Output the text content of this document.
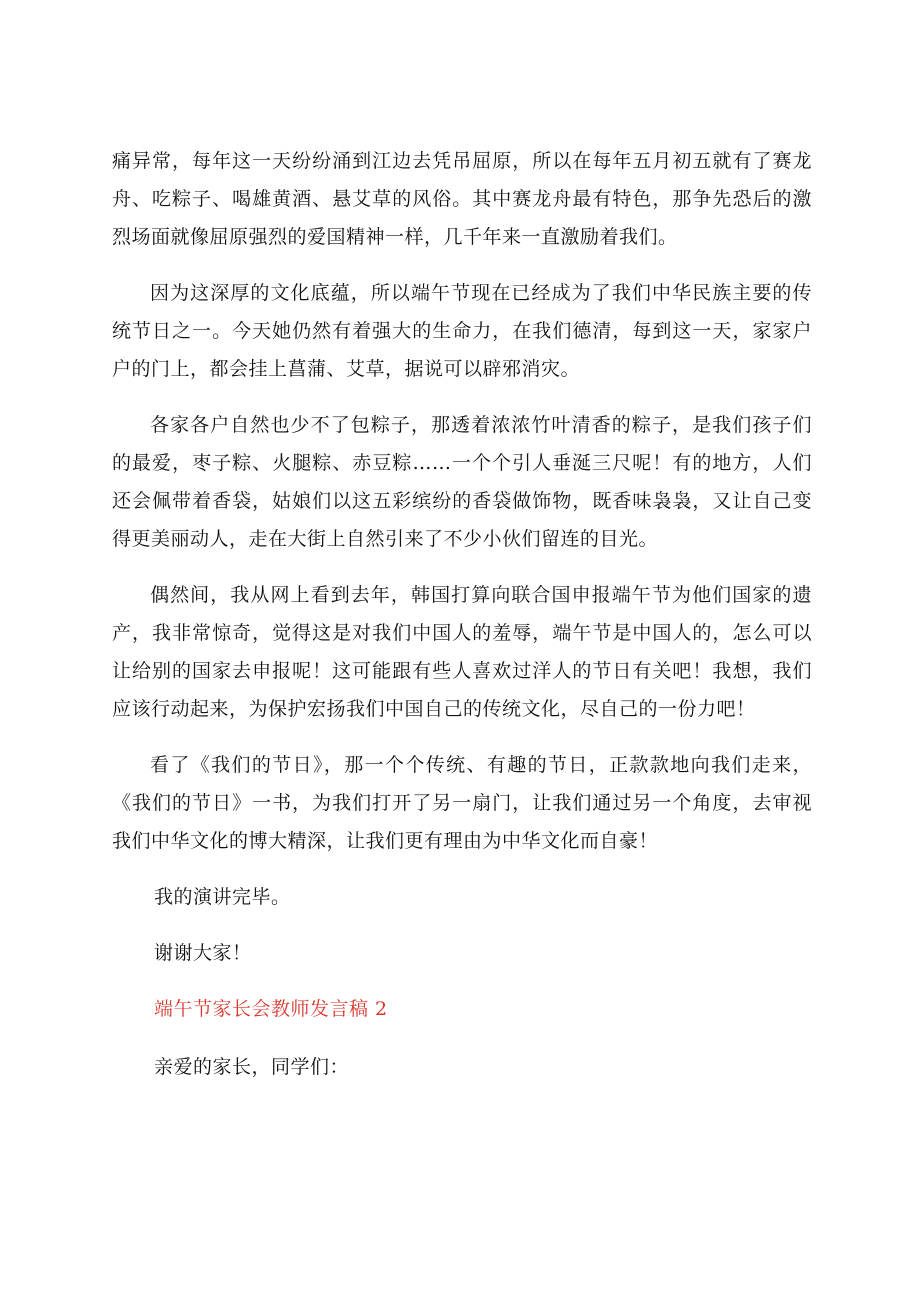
痛异常，每年这一天纷纷涌到江边去凭吊屈原，所以在每年五月初五就有了赛龙舟、吃粽子、喝雄黄酒、悬艾草的风俗。其中赛龙舟最有特色，那争先恐后的激烈场面就像屈原强烈的爱国精神一样，几千年来一直激励着我们。

因为这深厚的文化底蕴，所以端午节现在已经成为了我们中华民族主要的传统节日之一。今天她仍然有着强大的生命力，在我们德清，每到这一天，家家户户的门上，都会挂上菖蒲、艾草，据说可以辟邪消灾。

各家各户自然也少不了包粽子，那透着浓浓竹叶清香的粽子，是我们孩子们的最爱，枣子粽、火腿粽、赤豆粽……一个个引人垂涎三尺呢！有的地方，人们还会佩带着香袋，姑娘们以这五彩缤纷的香袋做饰物，既香味袅袅，又让自己变得更美丽动人，走在大街上自然引来了不少小伙们留连的目光。

偶然间，我从网上看到去年，韩国打算向联合国申报端午节为他们国家的遗产，我非常惊奇，觉得这是对我们中国人的羞辱，端午节是中国人的，怎么可以让给别的国家去申报呢！这可能跟有些人喜欢过洋人的节日有关吧！我想，我们应该行动起来，为保护宏扬我们中国自己的传统文化，尽自己的一份力吧！

看了《我们的节日》，那一个个传统、有趣的节日，正款款地向我们走来，《我们的节日》一书，为我们打开了另一扇门，让我们通过另一个角度，去审视我们中华文化的博大精深，让我们更有理由为中华文化而自豪！

我的演讲完毕。

谢谢大家！

端午节家长会教师发言稿 2

亲爱的家长，同学们：
